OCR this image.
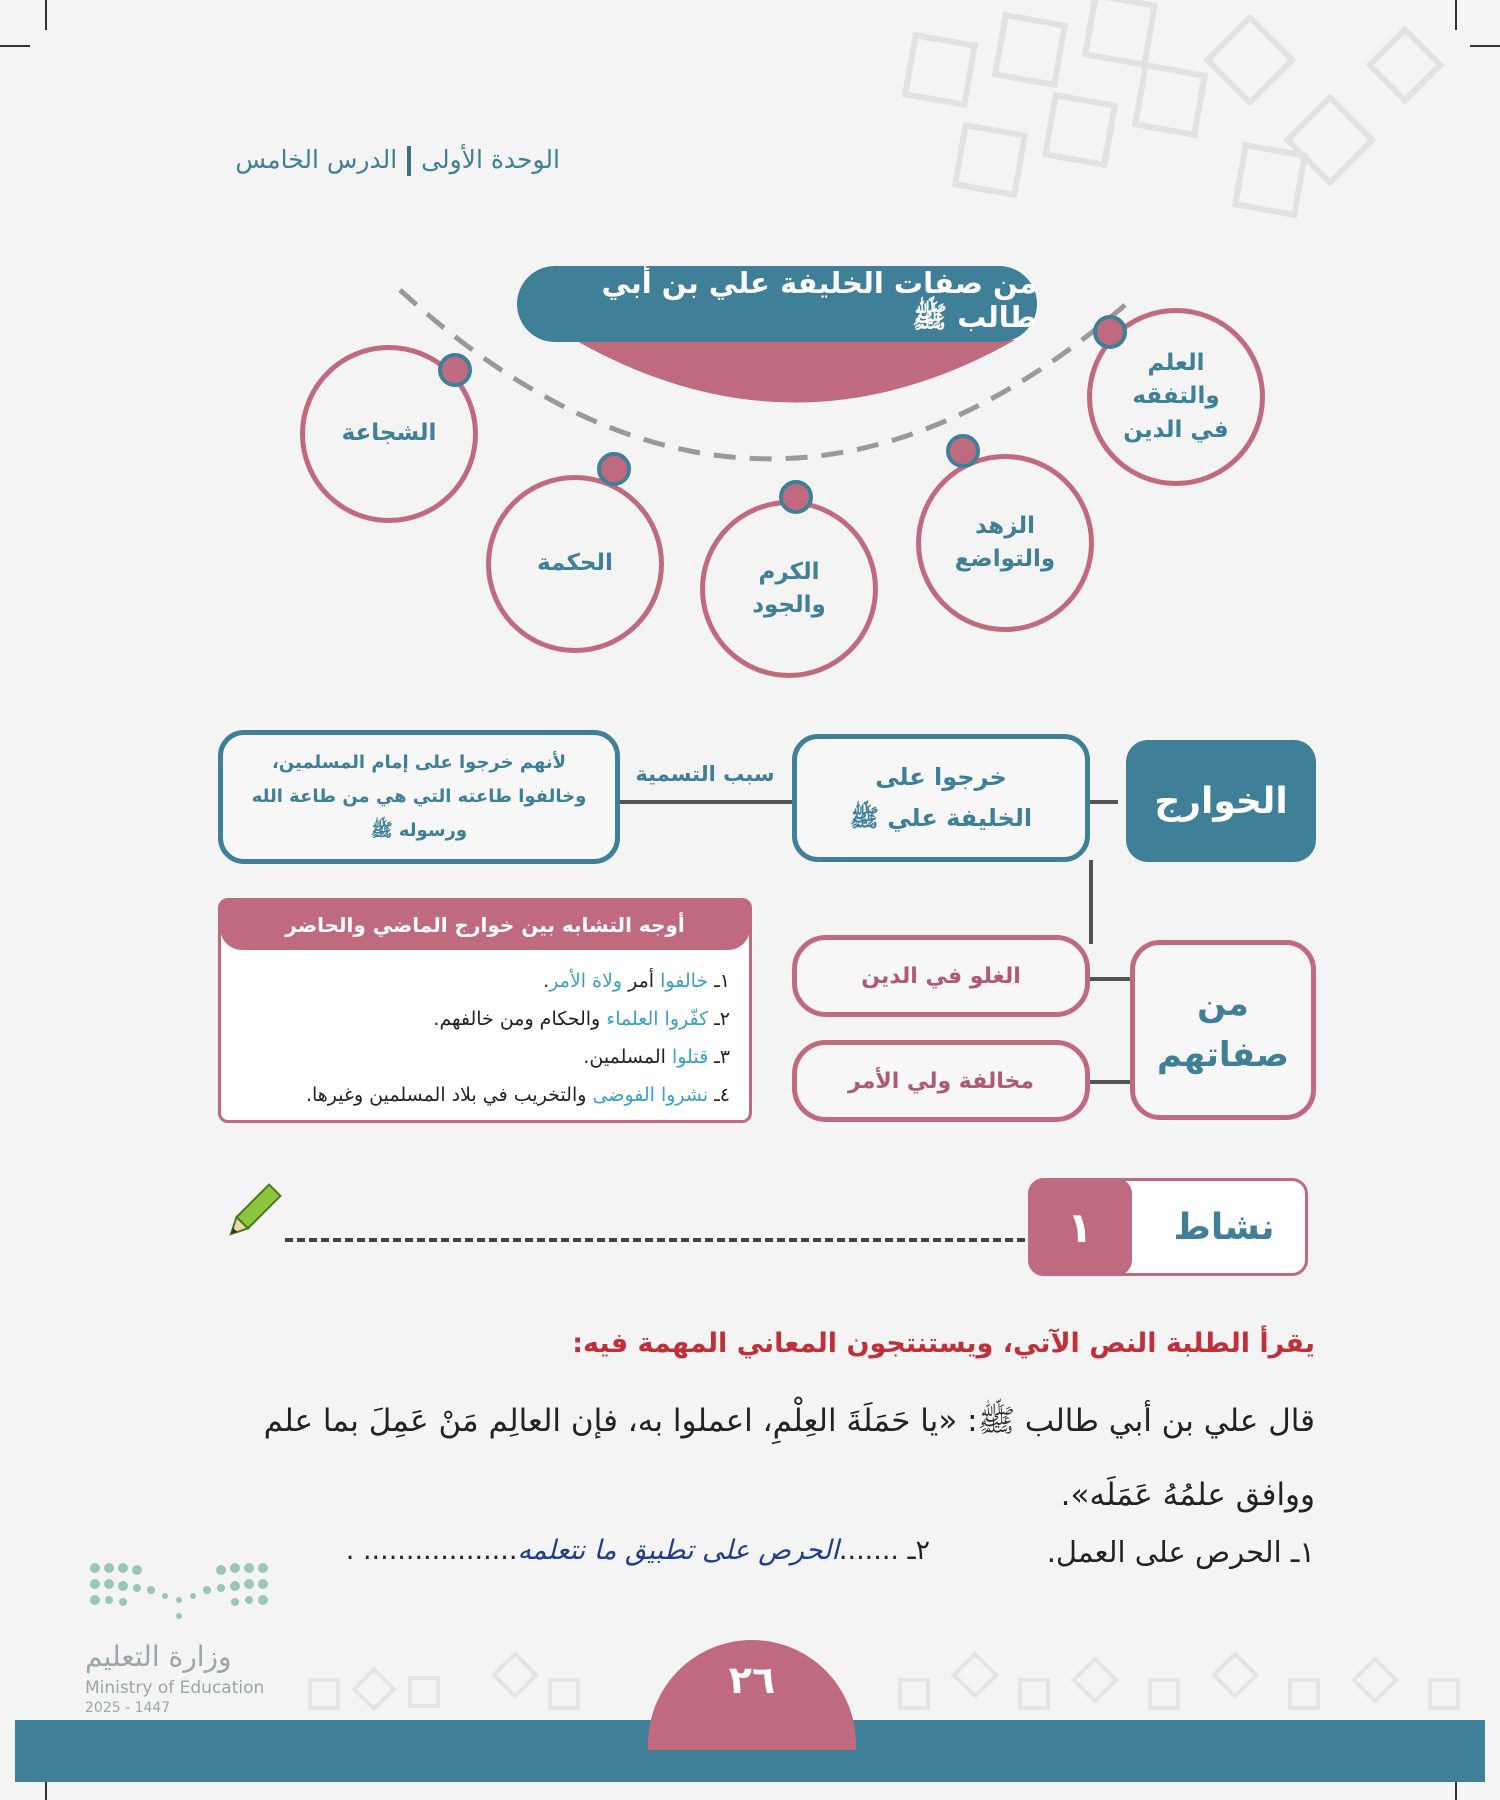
الوحدة الأولىالدرس الخامس
من صفات الخليفة علي بن أبي طالب ﷺ
العلم والتفقه في الدين
الزهد والتواضع
الكرم والجود
الحكمة
الشجاعة
الخوارج
خرجوا على الخليفة علي ﷺ
سبب التسمية
لأنهم خرجوا على إمام المسلمين، وخالفوا طاعته التي هي من طاعة الله ورسوله ﷺ
من صفاتهم
الغلو في الدين
مخالفة ولي الأمر
أوجه التشابه بين خوارج الماضي والحاضر
١ـ خالفوا أمر ولاة الأمر.
٢ـ كفّروا العلماء والحكام ومن خالفهم.
٣ـ قتلوا المسلمين.
٤ـ نشروا الفوضى والتخريب في بلاد المسلمين وغيرها.
١	نشاط
يقرأ الطلبة النص الآتي، ويستنتجون المعاني المهمة فيه:
قال علي بن أبي طالب ﷺ: «يا حَمَلَةَ العِلْمِ، اعملوا به، فإن العالِم مَنْ عَمِلَ بما علم
ووافق علمُهُ عَمَلَه».
١ـ الحرص على العمل.
٢ـ .......الحرص على تطبيق ما نتعلمه.................. .
وزارة التعليم
Ministry of Education
2025 - 1447
٢٦
